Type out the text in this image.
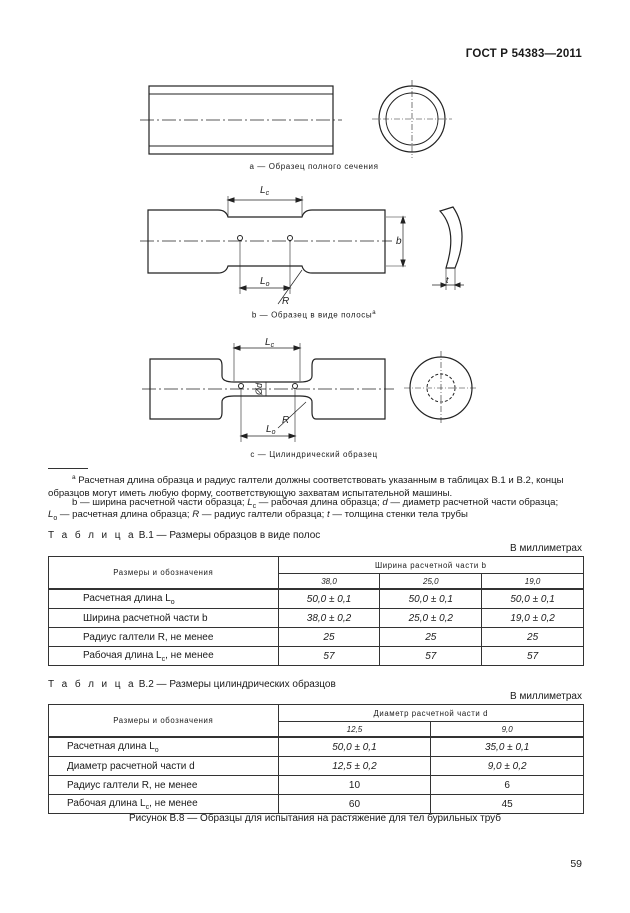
ГОСТ Р 54383—2011
$L_c$
$L_o$
R
b
t
$L_c$
Ød
$L_o$
R
а — Образец полного сечения
b — Образец в виде полосы$^а$
с — Цилиндрический образец
$^а$ Расчетная длина образца и радиус галтели должны соответствовать указанным в таблицах В.1 и В.2, концы образцов могут иметь любую форму, соответствующую захватам испытательной машины.
b — ширина расчетной части образца; $L_с$ — рабочая длина образца; d — диаметр расчетной части образца;
$L_о$ — расчетная длина образца; R — радиус галтели образца; t — толщина стенки тела трубы
Т а б л и ц а В.1 — Размеры образцов в виде полос
В миллиметрах
Размеры и обозначения	Ширина расчетной части b		
	38,0	25,0	19,0
Расчетная длина $L_o$	50,0 ± 0,1	50,0 ± 0,1	50,0 ± 0,1
Ширина расчетной части b	38,0 ± 0,2	25,0 ± 0,2	19,0 ± 0,2
Радиус галтели R, не менее	25	25	25
Рабочая длина $L_c$, не менее	57	57	57
Т а б л и ц а В.2 — Размеры цилиндрических образцов
В миллиметрах
Размеры и обозначения	Диаметр расчетной части d	
	12,5	9,0
Расчетная длина $L_o$	50,0 ± 0,1	35,0 ± 0,1
Диаметр расчетной части d	12,5 ± 0,2	9,0 ± 0,2
Радиус галтели R, не менее	10	6
Рабочая длина $L_c$, не менее	60	45
Рисунок В.8 — Образцы для испытания на растяжение для тел бурильных труб
59
